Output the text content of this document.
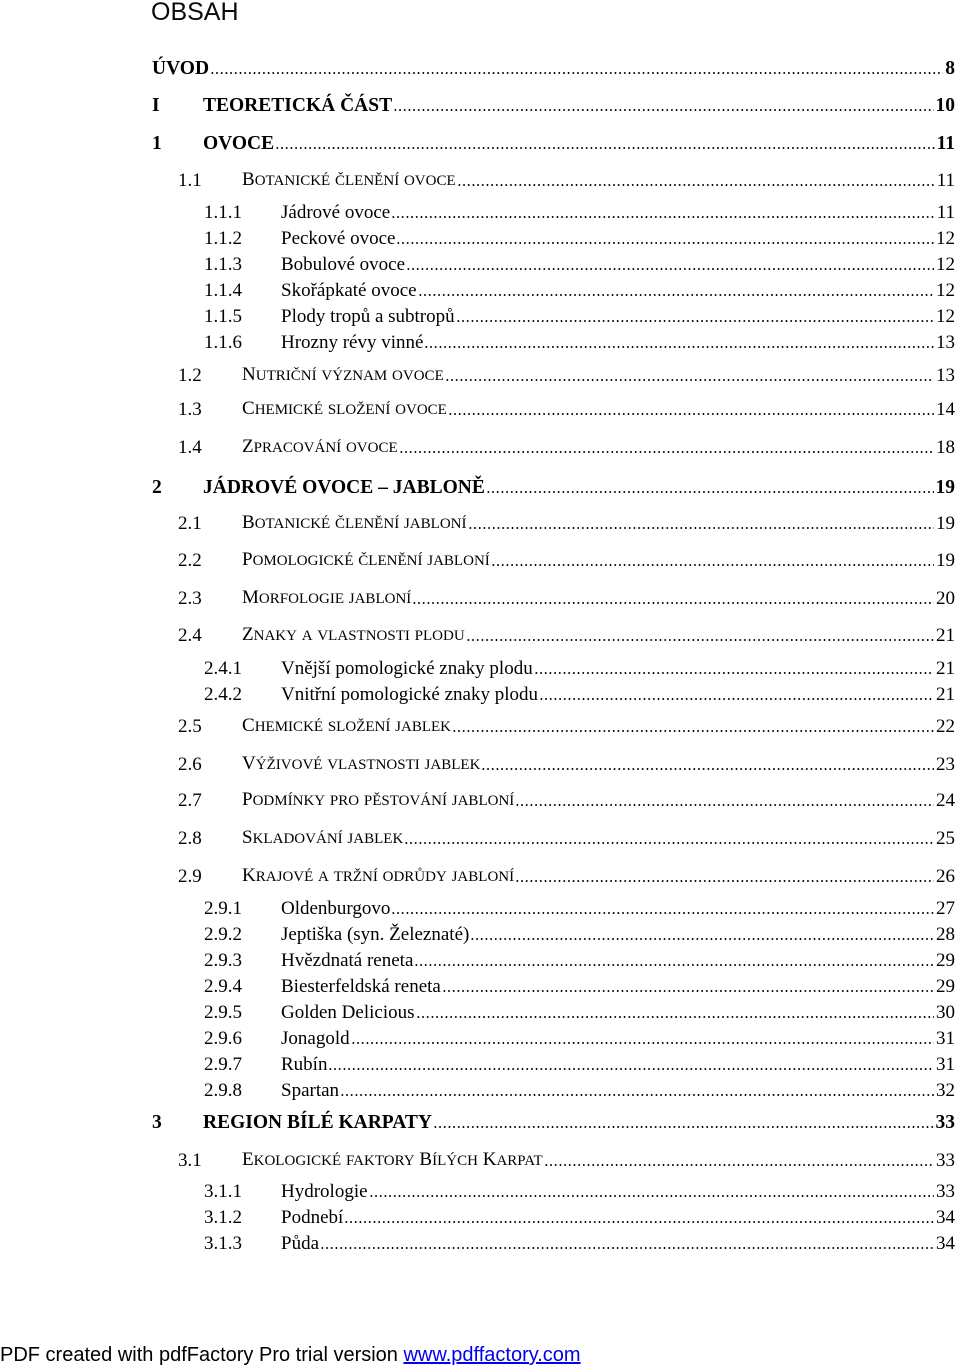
OBSAH
ÚVOD	8
I	TEORETICKÁ ČÁST	10
1	OVOCE	11
1.1	BOTANICKÉ ČLENĚNÍ OVOCE	11
1.1.1	Jádrové ovoce	11
1.1.2	Peckové ovoce	12
1.1.3	Bobulové ovoce	12
1.1.4	Skořápkaté ovoce	12
1.1.5	Plody tropů a subtropů	12
1.1.6	Hrozny révy vinné	13
1.2	NUTRIČNÍ VÝZNAM OVOCE	13
1.3	CHEMICKÉ SLOŽENÍ OVOCE	14
1.4	ZPRACOVÁNÍ OVOCE	18
2	JÁDROVÉ OVOCE – JABLONĚ	19
2.1	BOTANICKÉ ČLENĚNÍ JABLONÍ	19
2.2	POMOLOGICKÉ ČLENĚNÍ JABLONÍ	19
2.3	MORFOLOGIE JABLONÍ	20
2.4	ZNAKY A VLASTNOSTI PLODU	21
2.4.1	Vnější pomologické znaky plodu	21
2.4.2	Vnitřní pomologické znaky plodu	21
2.5	CHEMICKÉ SLOŽENÍ JABLEK	22
2.6	VÝŽIVOVÉ VLASTNOSTI JABLEK	23
2.7	PODMÍNKY PRO PĚSTOVÁNÍ JABLONÍ	24
2.8	SKLADOVÁNÍ JABLEK	25
2.9	KRAJOVÉ A TRŽNÍ ODRŮDY JABLONÍ	26
2.9.1	Oldenburgovo	27
2.9.2	Jeptiška (syn. Železnaté)	28
2.9.3	Hvězdnatá reneta	29
2.9.4	Biesterfeldská reneta	29
2.9.5	Golden Delicious	30
2.9.6	Jonagold	31
2.9.7	Rubín	31
2.9.8	Spartan	32
3	REGION BÍLÉ KARPATY	33
3.1	EKOLOGICKÉ FAKTORY BÍLÝCH KARPAT	33
3.1.1	Hydrologie	33
3.1.2	Podnebí	34
3.1.3	Půda	34
PDF created with pdfFactory Pro trial version www.pdffactory.com
